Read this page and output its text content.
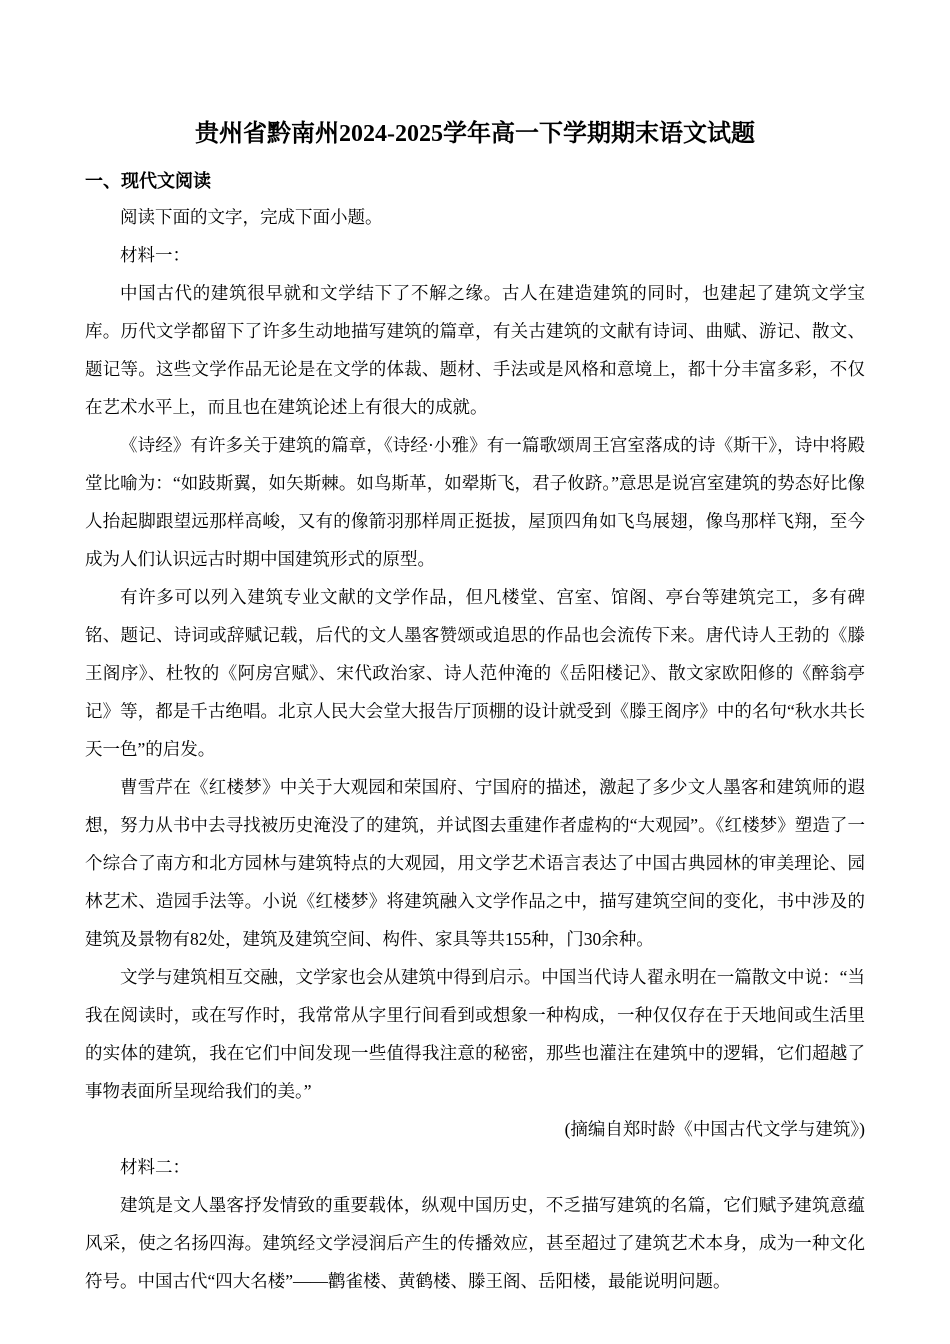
贵州省黔南州2024-2025学年高一下学期期末语文试题
一、现代文阅读

阅读下面的文字，完成下面小题。

材料一：

中国古代的建筑很早就和文学结下了不解之缘。古人在建造建筑的同时，也建起了建筑文学宝库。历代文学都留下了许多生动地描写建筑的篇章，有关古建筑的文献有诗词、曲赋、游记、散文、题记等。这些文学作品无论是在文学的体裁、题材、手法或是风格和意境上，都十分丰富多彩，不仅在艺术水平上，而且也在建筑论述上有很大的成就。

《诗经》有许多关于建筑的篇章，《诗经·小雅》有一篇歌颂周王宫室落成的诗《斯干》，诗中将殿堂比喻为：“如跂斯翼，如矢斯棘。如鸟斯革，如翚斯飞，君子攸跻。”意思是说宫室建筑的势态好比像人抬起脚跟望远那样高峻，又有的像箭羽那样周正挺拔，屋顶四角如飞鸟展翅，像鸟那样飞翔，至今成为人们认识远古时期中国建筑形式的原型。

有许多可以列入建筑专业文献的文学作品，但凡楼堂、宫室、馆阁、亭台等建筑完工，多有碑铭、题记、诗词或辞赋记载，后代的文人墨客赞颂或追思的作品也会流传下来。唐代诗人王勃的《滕王阁序》、杜牧的《阿房宫赋》、宋代政治家、诗人范仲淹的《岳阳楼记》、散文家欧阳修的《醉翁亭记》等，都是千古绝唱。北京人民大会堂大报告厅顶棚的设计就受到《滕王阁序》中的名句“秋水共长天一色”的启发。

曹雪芹在《红楼梦》中关于大观园和荣国府、宁国府的描述，激起了多少文人墨客和建筑师的遐想，努力从书中去寻找被历史淹没了的建筑，并试图去重建作者虚构的“大观园”。《红楼梦》塑造了一个综合了南方和北方园林与建筑特点的大观园，用文学艺术语言表达了中国古典园林的审美理论、园林艺术、造园手法等。小说《红楼梦》将建筑融入文学作品之中，描写建筑空间的变化，书中涉及的建筑及景物有82处，建筑及建筑空间、构件、家具等共155种，门30余种。

文学与建筑相互交融，文学家也会从建筑中得到启示。中国当代诗人翟永明在一篇散文中说：“当我在阅读时，或在写作时，我常常从字里行间看到或想象一种构成，一种仅仅存在于天地间或生活里的实体的建筑，我在它们中间发现一些值得我注意的秘密，那些也灌注在建筑中的逻辑，它们超越了事物表面所呈现给我们的美。”

(摘编自郑时龄《中国古代文学与建筑》)

材料二：

建筑是文人墨客抒发情致的重要载体，纵观中国历史，不乏描写建筑的名篇，它们赋予建筑意蕴风采，使之名扬四海。建筑经文学浸润后产生的传播效应，甚至超过了建筑艺术本身，成为一种文化符号。中国古代“四大名楼”——鹳雀楼、黄鹤楼、滕王阁、岳阳楼，最能说明问题。
